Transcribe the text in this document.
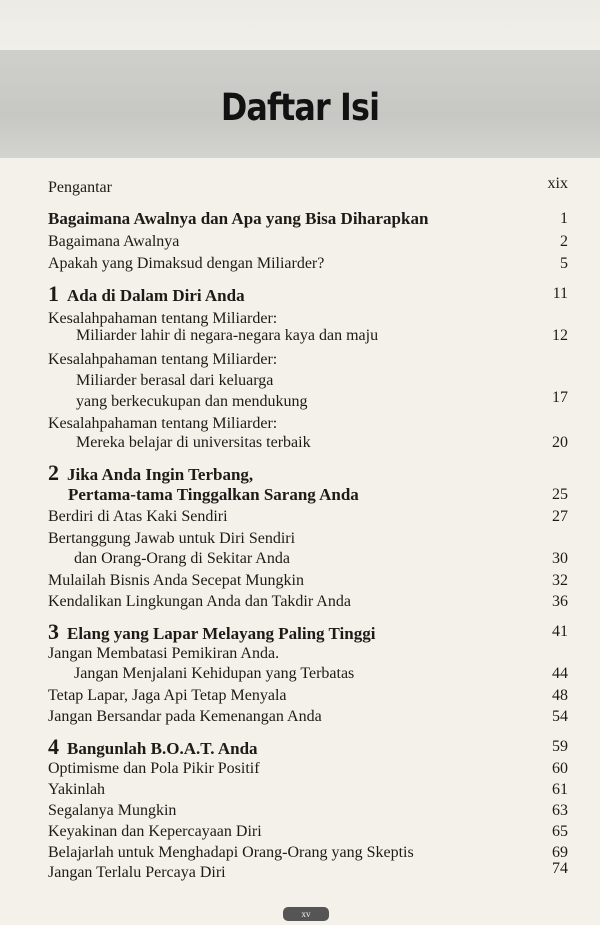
Daftar Isi
Pengantar	xix
Bagaimana Awalnya dan Apa yang Bisa Diharapkan	1
Bagaimana Awalnya	2
Apakah yang Dimaksud dengan Miliarder?	5
1 Ada di Dalam Diri Anda	11
Kesalahpahaman tentang Miliarder:
Miliarder lahir di negara-negara kaya dan maju	12
Kesalahpahaman tentang Miliarder:
Miliarder berasal dari keluarga
yang berkecukupan dan mendukung	17
Kesalahpahaman tentang Miliarder:
Mereka belajar di universitas terbaik	20
2 Jika Anda Ingin Terbang,
Pertama-tama Tinggalkan Sarang Anda	25
Berdiri di Atas Kaki Sendiri	27
Bertanggung Jawab untuk Diri Sendiri
dan Orang-Orang di Sekitar Anda	30
Mulailah Bisnis Anda Secepat Mungkin	32
Kendalikan Lingkungan Anda dan Takdir Anda	36
3 Elang yang Lapar Melayang Paling Tinggi	41
Jangan Membatasi Pemikiran Anda.
Jangan Menjalani Kehidupan yang Terbatas	44
Tetap Lapar, Jaga Api Tetap Menyala	48
Jangan Bersandar pada Kemenangan Anda	54
4 Bangunlah B.O.A.T. Anda	59
Optimisme dan Pola Pikir Positif	60
Yakinlah	61
Segalanya Mungkin	63
Keyakinan dan Kepercayaan Diri	65
Belajarlah untuk Menghadapi Orang-Orang yang Skeptis	69
Jangan Terlalu Percaya Diri	74
xv
